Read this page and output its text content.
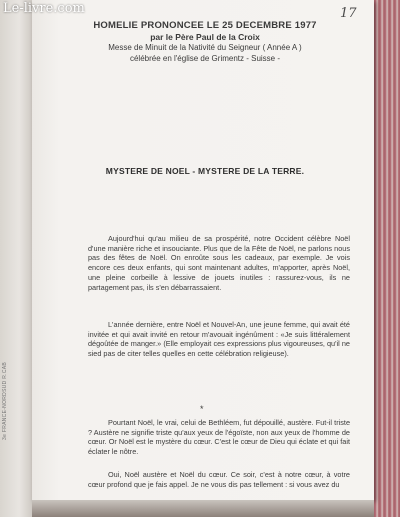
Le-livre.com	17
3e FRANCE-NORDSUD R.CAB

HOMELIE PRONONCEE LE 25 DECEMBRE 1977

par le Père Paul de la Croix

Messe de Minuit de la Nativité du Seigneur ( Année A )

célébrée en l'église de Grimentz - Suisse -

MYSTERE DE NOEL - MYSTERE DE LA TERRE.

Aujourd'hui qu'au milieu de sa prospérité, notre Occident célèbre Noël d'une manière riche et insouciante. Plus que de la Fête de Noël, ne parlons nous pas des fêtes de Noël. On enroûte sous les cadeaux, par exemple. Je vois encore ces deux enfants, qui sont maintenant adultes, m'apporter, après Noël, une pleine corbeille à lessive de jouets inutiles : rassurez-vous, ils ne partagement pas, ils s'en débarrassaient.

L'année dernière, entre Noël et Nouvel-An, une jeune femme, qui avait été invitée et qui avait invité en retour m'avouait ingénûment : «Je suis littéralement dégoûtée de manger.» (Elle employait ces expressions plus vigoureuses, qu'il ne sied pas de citer telles quelles en cette célébration religieuse).

*

Pourtant Noël, le vrai, celui de Bethléem, fut dépouillé, austère. Fut-il triste ? Austère ne signifie triste qu'aux yeux de l'égoïste, non aux yeux de l'homme de cœur. Or Noël est le mystère du cœur. C'est le cœur de Dieu qui éclate et qui fait éclater le nôtre.

Oui, Noël austère et Noël du cœur. Ce soir, c'est à notre cœur, à votre cœur profond que je fais appel. Je ne vous dis pas tellement : si vous avez du
